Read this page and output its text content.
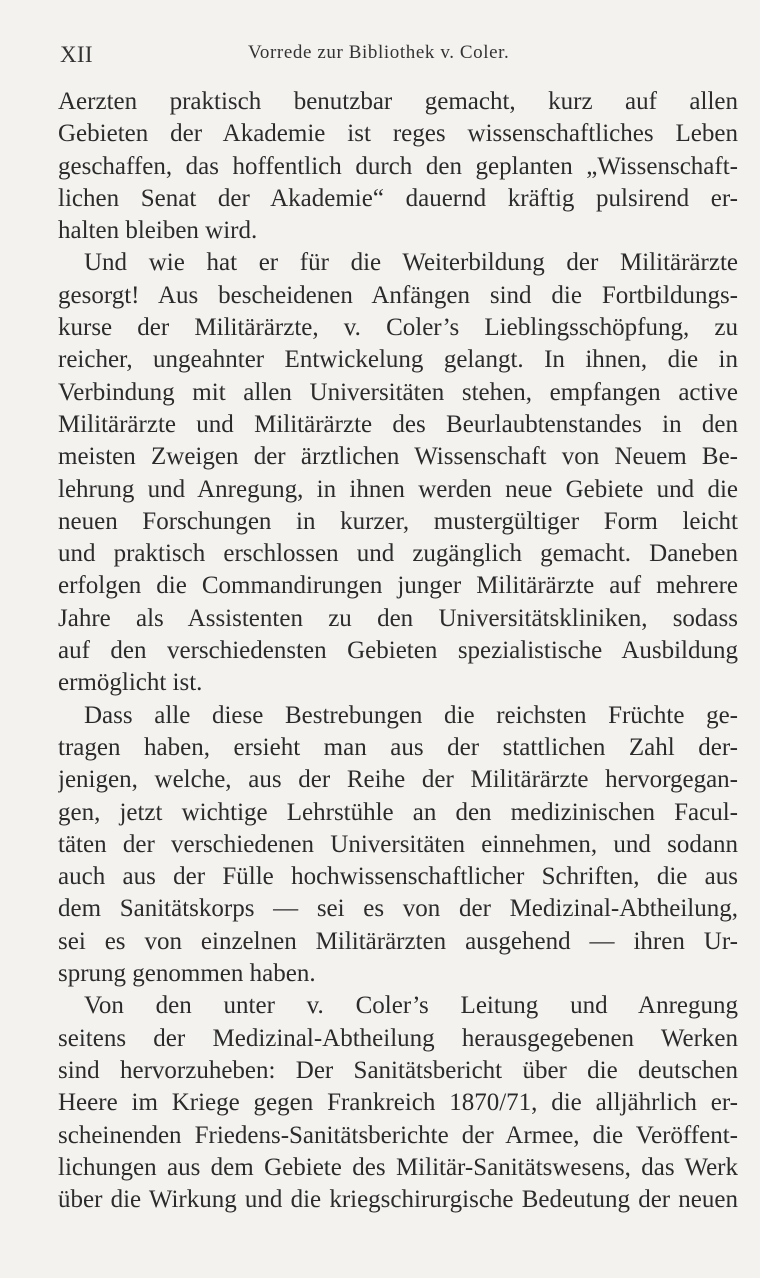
XII	Vorrede zur Bibliothek v. Coler.
Aerzten praktisch benutzbar gemacht, kurz auf allen
Gebieten der Akademie ist reges wissenschaftliches Leben
geschaffen, das hoffentlich durch den geplanten „Wissenschaft-
lichen Senat der Akademie“ dauernd kräftig pulsirend er-
halten bleiben wird.
Und wie hat er für die Weiterbildung der Militärärzte
gesorgt! Aus bescheidenen Anfängen sind die Fortbildungs-
kurse der Militärärzte, v. Coler’s Lieblingsschöpfung, zu
reicher, ungeahnter Entwickelung gelangt. In ihnen, die in
Verbindung mit allen Universitäten stehen, empfangen active
Militärärzte und Militärärzte des Beurlaubtenstandes in den
meisten Zweigen der ärztlichen Wissenschaft von Neuem Be-
lehrung und Anregung, in ihnen werden neue Gebiete und die
neuen Forschungen in kurzer, mustergültiger Form leicht
und praktisch erschlossen und zugänglich gemacht. Daneben
erfolgen die Commandirungen junger Militärärzte auf mehrere
Jahre als Assistenten zu den Universitätskliniken, sodass
auf den verschiedensten Gebieten spezialistische Ausbildung
ermöglicht ist.
Dass alle diese Bestrebungen die reichsten Früchte ge-
tragen haben, ersieht man aus der stattlichen Zahl der-
jenigen, welche, aus der Reihe der Militärärzte hervorgegan-
gen, jetzt wichtige Lehrstühle an den medizinischen Facul-
täten der verschiedenen Universitäten einnehmen, und sodann
auch aus der Fülle hochwissenschaftlicher Schriften, die aus
dem Sanitätskorps — sei es von der Medizinal-Abtheilung,
sei es von einzelnen Militärärzten ausgehend — ihren Ur-
sprung genommen haben.
Von den unter v. Coler’s Leitung und Anregung
seitens der Medizinal-Abtheilung herausgegebenen Werken
sind hervorzuheben: Der Sanitätsbericht über die deutschen
Heere im Kriege gegen Frankreich 1870/71, die alljährlich er-
scheinenden Friedens-Sanitätsberichte der Armee, die Veröffent-
lichungen aus dem Gebiete des Militär-Sanitätswesens, das Werk
über die Wirkung und die kriegschirurgische Bedeutung der neuen
